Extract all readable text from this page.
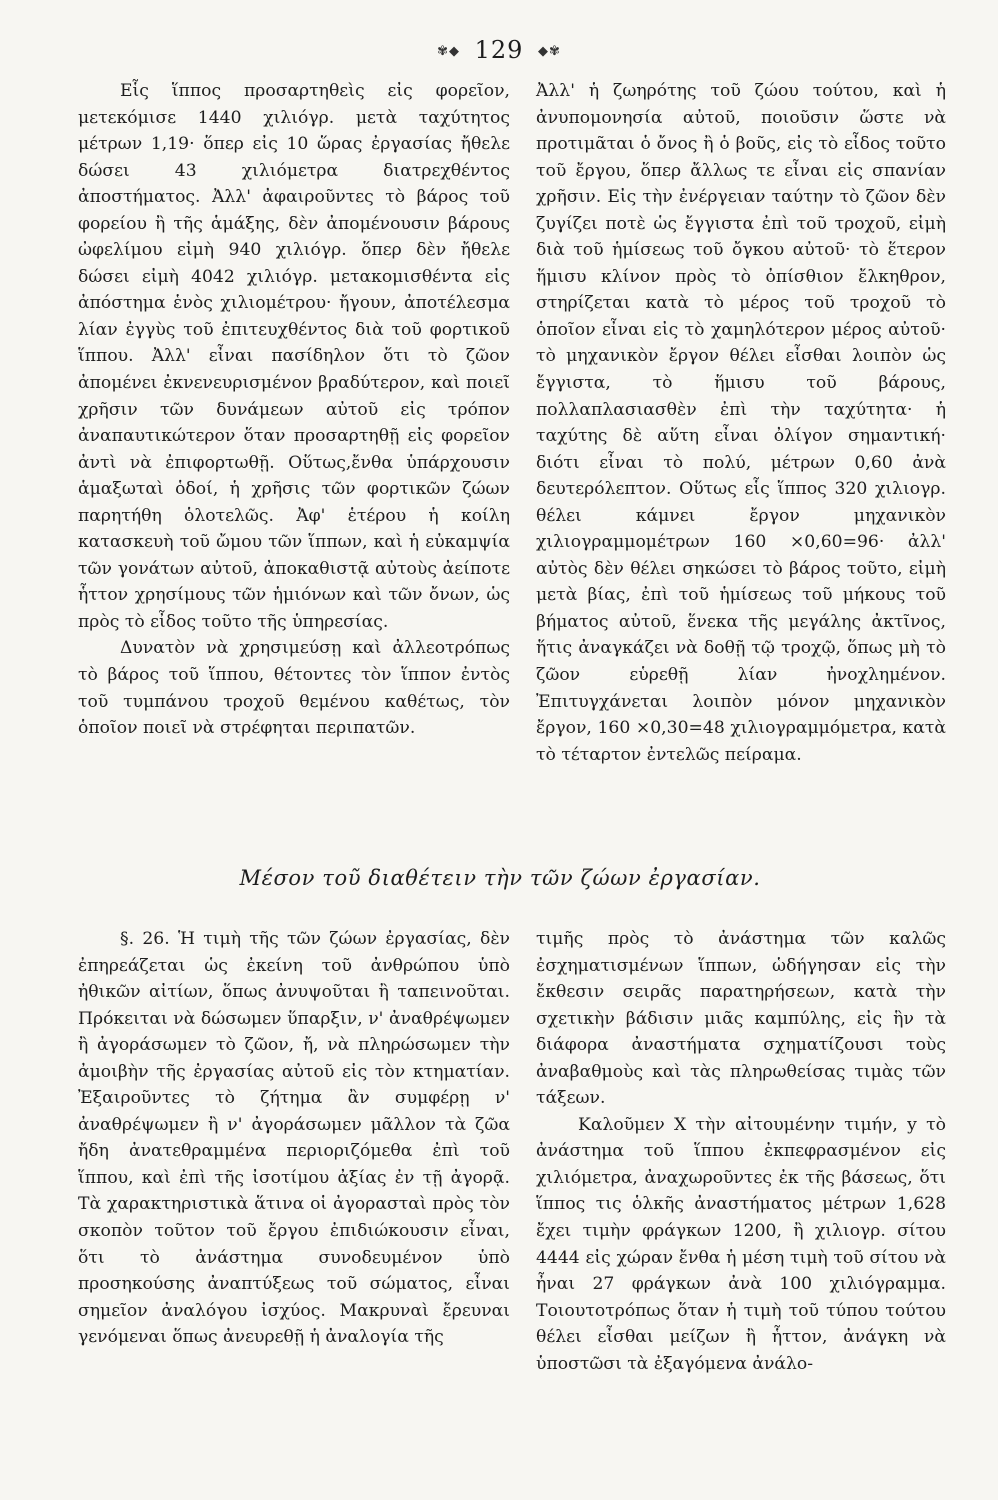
✾◆ 129 ◆✾

Εἷς ἵππος προσαρτηθεὶς εἰς φορεῖον, μετεκόμισε 1440 χιλιόγρ. μετὰ ταχύτητος μέτρων 1,19· ὅπερ εἰς 10 ὥρας ἐργασίας ἤθελε δώσει 43 χιλιόμετρα διατρεχθέντος ἀποστήματος. Ἀλλ' ἀφαιροῦντες τὸ βάρος τοῦ φορείου ἢ τῆς ἁμάξης, δὲν ἀπομένουσιν βάρους ὠφελίμου εἰμὴ 940 χιλιόγρ. ὅπερ δὲν ἤθελε δώσει εἰμὴ 4042 χιλιόγρ. μετακομισθέντα εἰς ἀπόστημα ἑνὸς χιλιομέτρου· ἤγουν, ἀποτέλεσμα λίαν ἐγγὺς τοῦ ἐπιτευχθέντος διὰ τοῦ φορτικοῦ ἵππου. Ἀλλ' εἶναι πασίδηλον ὅτι τὸ ζῶον ἀπομένει ἐκνενευρισμένον βραδύτερον, καὶ ποιεῖ χρῆσιν τῶν δυνάμεων αὐτοῦ εἰς τρόπον ἀναπαυτικώτερον ὅταν προσαρτηθῇ εἰς φορεῖον ἀντὶ νὰ ἐπιφορτωθῇ. Οὕτως,ἔνθα ὑπάρχουσιν ἁμαξωταὶ ὁδοί, ἡ χρῆσις τῶν φορτικῶν ζώων παρητήθη ὁλοτελῶς. Ἀφ' ἑτέρου ἡ κοίλη κατασκευὴ τοῦ ὤμου τῶν ἵππων, καὶ ἡ εὐκαμψία τῶν γονάτων αὐτοῦ, ἀποκαθιστᾷ αὐτοὺς ἀείποτε ἧττον χρησίμους τῶν ἡμιόνων καὶ τῶν ὄνων, ὡς πρὸς τὸ εἶδος τοῦτο τῆς ὑπηρεσίας.

Δυνατὸν νὰ χρησιμεύσῃ καὶ ἀλλεοτρόπως τὸ βάρος τοῦ ἵππου, θέτοντες τὸν ἵππον ἐντὸς τοῦ τυμπάνου τροχοῦ θεμένου καθέτως, τὸν ὁποῖον ποιεῖ νὰ στρέφηται περιπατῶν.

Ἀλλ' ἡ ζωηρότης τοῦ ζώου τούτου, καὶ ἡ ἀνυπομονησία αὐτοῦ, ποιοῦσιν ὥστε νὰ προτιμᾶται ὁ ὄνος ἢ ὁ βοῦς, εἰς τὸ εἶδος τοῦτο τοῦ ἔργου, ὅπερ ἄλλως τε εἶναι εἰς σπανίαν χρῆσιν. Εἰς τὴν ἐνέργειαν ταύτην τὸ ζῶον δὲν ζυγίζει ποτὲ ὡς ἔγγιστα ἐπὶ τοῦ τροχοῦ, εἰμὴ διὰ τοῦ ἡμίσεως τοῦ ὄγκου αὐτοῦ· τὸ ἕτερον ἥμισυ κλίνον πρὸς τὸ ὀπίσθιον ἔλκηθρον, στηρίζεται κατὰ τὸ μέρος τοῦ τροχοῦ τὸ ὁποῖον εἶναι εἰς τὸ χαμηλότερον μέρος αὐτοῦ· τὸ μηχανικὸν ἔργον θέλει εἶσθαι λοιπὸν ὡς ἔγγιστα, τὸ ἥμισυ τοῦ βάρους, πολλαπλασιασθὲν ἐπὶ τὴν ταχύτητα· ἡ ταχύτης δὲ αὕτη εἶναι ὀλίγον σημαντική· διότι εἶναι τὸ πολύ, μέτρων 0,60 ἀνὰ δευτερόλεπτον. Οὕτως εἷς ἵππος 320 χιλιογρ. θέλει κάμνει ἔργον μηχανικὸν χιλιογραμμομέτρων 160 ×0,60=96· ἀλλ' αὐτὸς δὲν θέλει σηκώσει τὸ βάρος τοῦτο, εἰμὴ μετὰ βίας, ἐπὶ τοῦ ἡμίσεως τοῦ μήκους τοῦ βήματος αὐτοῦ, ἕνεκα τῆς μεγάλης ἀκτῖνος, ἥτις ἀναγκάζει νὰ δοθῇ τῷ τροχῷ, ὅπως μὴ τὸ ζῶον εὑρεθῇ λίαν ἠνοχλημένον. Ἐπιτυγχάνεται λοιπὸν μόνον μηχανικὸν ἔργον, 160 ×0,30=48 χιλιογραμμόμετρα, κατὰ τὸ τέταρτον ἐντελῶς πείραμα.

Μέσον τοῦ διαθέτειν τὴν τῶν ζώων ἐργασίαν.

§. 26. Ἡ τιμὴ τῆς τῶν ζώων ἐργασίας, δὲν ἐπηρεάζεται ὡς ἐκείνη τοῦ ἀνθρώπου ὑπὸ ἠθικῶν αἰτίων, ὅπως ἀνυψοῦται ἢ ταπεινοῦται. Πρόκειται νὰ δώσωμεν ὕπαρξιν, ν' ἀναθρέψωμεν ἢ ἀγοράσωμεν τὸ ζῶον, ἤ, νὰ πληρώσωμεν τὴν ἀμοιβὴν τῆς ἐργασίας αὐτοῦ εἰς τὸν κτηματίαν. Ἐξαιροῦντες τὸ ζήτημα ἂν συμφέρῃ ν' ἀναθρέψωμεν ἢ ν' ἀγοράσωμεν μᾶλλον τὰ ζῶα ἤδη ἀνατεθραμμένα περιοριζόμεθα ἐπὶ τοῦ ἵππου, καὶ ἐπὶ τῆς ἰσοτίμου ἀξίας ἐν τῇ ἀγορᾷ. Τὰ χαρακτηριστικὰ ἅτινα οἱ ἀγορασταὶ πρὸς τὸν σκοπὸν τοῦτον τοῦ ἔργου ἐπιδιώκουσιν εἶναι, ὅτι τὸ ἀνάστημα συνοδευμένον ὑπὸ προσηκούσης ἀναπτύξεως τοῦ σώματος, εἶναι σημεῖον ἀναλόγου ἰσχύος. Μακρυναὶ ἔρευναι γενόμεναι ὅπως ἀνευρεθῇ ἡ ἀναλογία τῆς

τιμῆς πρὸς τὸ ἀνάστημα τῶν καλῶς ἐσχηματισμένων ἵππων, ὡδήγησαν εἰς τὴν ἔκθεσιν σειρᾶς παρατηρήσεων, κατὰ τὴν σχετικὴν βάδισιν μιᾶς καμπύλης, εἰς ἣν τὰ διάφορα ἀναστήματα σχηματίζουσι τοὺς ἀναβαθμοὺς καὶ τὰς πληρωθείσας τιμὰς τῶν τάξεων.

Καλοῦμεν X τὴν αἰτουμένην τιμήν, y τὸ ἀνάστημα τοῦ ἵππου ἐκπεφρασμένον εἰς χιλιόμετρα, ἀναχωροῦντες ἐκ τῆς βάσεως, ὅτι ἵππος τις ὁλκῆς ἀναστήματος μέτρων 1,628 ἔχει τιμὴν φράγκων 1200, ἢ χιλιογρ. σίτου 4444 εἰς χώραν ἔνθα ἡ μέση τιμὴ τοῦ σίτου νὰ ἦναι 27 φράγκων ἀνὰ 100 χιλιόγραμμα. Τοιουτοτρόπως ὅταν ἡ τιμὴ τοῦ τύπου τούτου θέλει εἶσθαι μείζων ἢ ἧττον, ἀνάγκη νὰ ὑποστῶσι τὰ ἐξαγόμενα ἀνάλο-
